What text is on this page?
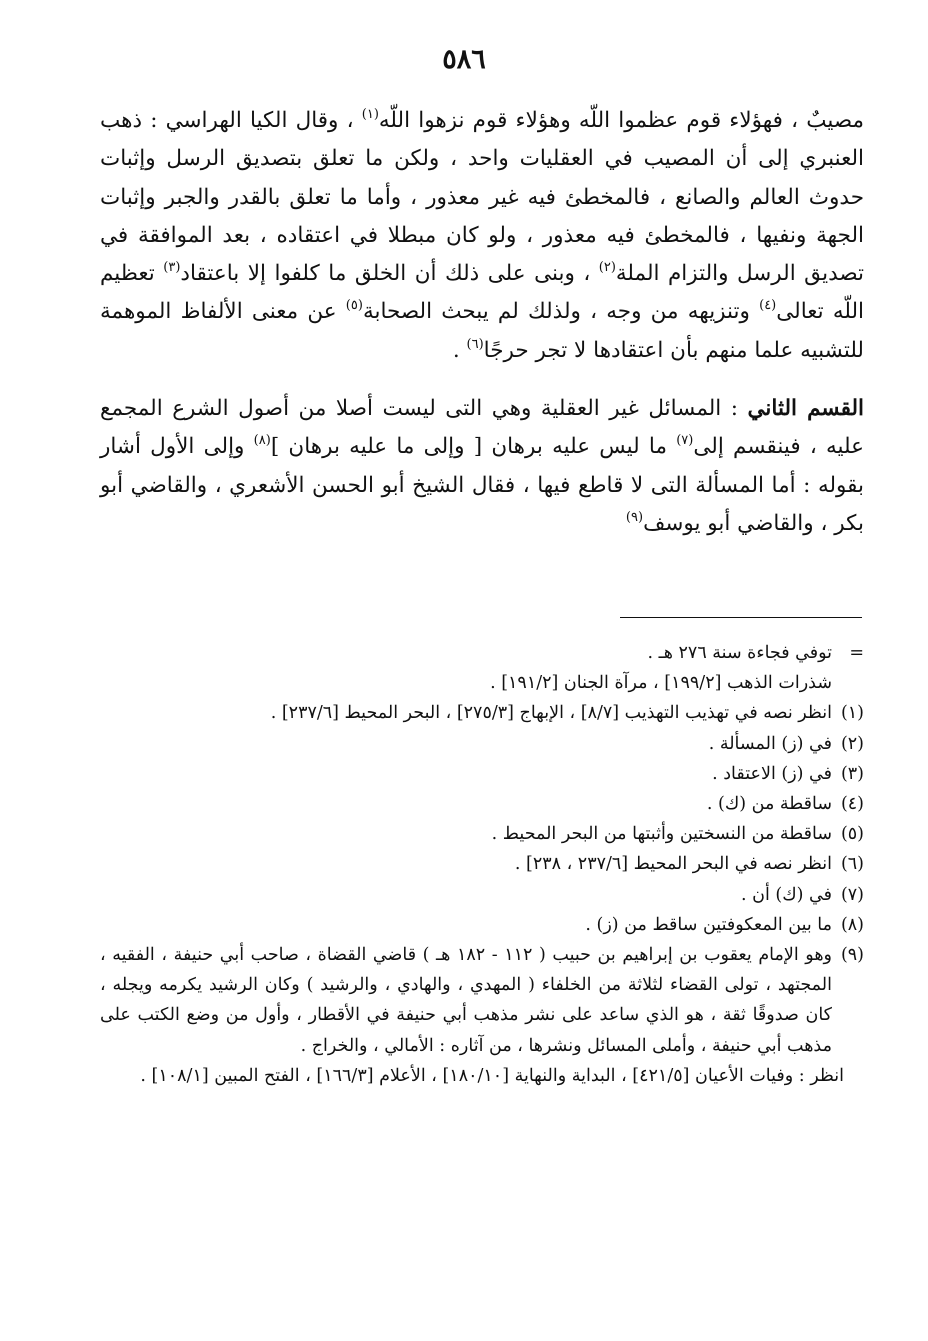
٥٨٦

مصيبٌ ، فهؤلاء قوم عظموا اللّه وهؤلاء قوم نزهوا اللّه$^{(١)}$ ، وقال الكيا الهراسي : ذهب العنبري إلى أن المصيب في العقليات واحد ، ولكن ما تعلق بتصديق الرسل وإثبات حدوث العالم والصانع ، فالمخطئ فيه غير معذور ، وأما ما تعلق بالقدر والجبر وإثبات الجهة ونفيها ، فالمخطئ فيه معذور ، ولو كان مبطلا في اعتقاده ، بعد الموافقة في تصديق الرسل والتزام الملة$^{(٢)}$ ، وبنى على ذلك أن الخلق ما كلفوا إلا باعتقاد$^{(٣)}$ تعظيم اللّه تعالى$^{(٤)}$ وتنزيهه من وجه ، ولذلك لم يبحث الصحابة$^{(٥)}$ عن معنى الألفاظ الموهمة للتشبيه علما منهم بأن اعتقادها لا تجر حرجًا$^{(٦)}$ .

القسم الثاني : المسائل غير العقلية وهي التى ليست أصلا من أصول الشرع المجمع عليه ، فينقسم إلى$^{(٧)}$ ما ليس عليه برهان [ وإلى ما عليه برهان ]$^{(٨)}$ وإلى الأول أشار بقوله : أما المسألة التى لا قاطع فيها ، فقال الشيخ أبو الحسن الأشعري ، والقاضي أبو بكر ، والقاضي أبو يوسف$^{(٩)}$

=
توفي فجاءة سنة ٢٧٦ هـ .
شذرات الذهب [١٩٩/٢] ، مرآة الجنان [١٩١/٢] .
(١)
انظر نصه في تهذيب التهذيب [٨/٧] ، الإبهاج [٢٧٥/٣] ، البحر المحيط [٢٣٧/٦] .
(٢)
في (ز) المسألة .
(٣)
في (ز) الاعتقاد .
(٤)
ساقطة من (ك) .
(٥)
ساقطة من النسختين وأثبتها من البحر المحيط .
(٦)
انظر نصه في البحر المحيط [٢٣٧/٦ ، ٢٣٨] .
(٧)
في (ك) أن .
(٨)
ما بين المعكوفتين ساقط من (ز) .
(٩)
وهو الإمام يعقوب بن إبراهيم بن حبيب ( ١١٢ - ١٨٢ هـ ) قاضي القضاة ، صاحب أبي حنيفة ، الفقيه ، المجتهد ، تولى القضاء لثلاثة من الخلفاء ( المهدي ، والهادي ، والرشيد ) وكان الرشيد يكرمه ويجله ، كان صدوقًا ثقة ، هو الذي ساعد على نشر مذهب أبي حنيفة في الأقطار ، وأول من وضع الكتب على مذهب أبي حنيفة ، وأملى المسائل ونشرها ، من آثاره : الأمالي ، والخراج .
انظر : وفيات الأعيان [٤٢١/٥] ، البداية والنهاية [١٨٠/١٠] ، الأعلام [١٦٦/٣] ، الفتح المبين [١٠٨/١] .
